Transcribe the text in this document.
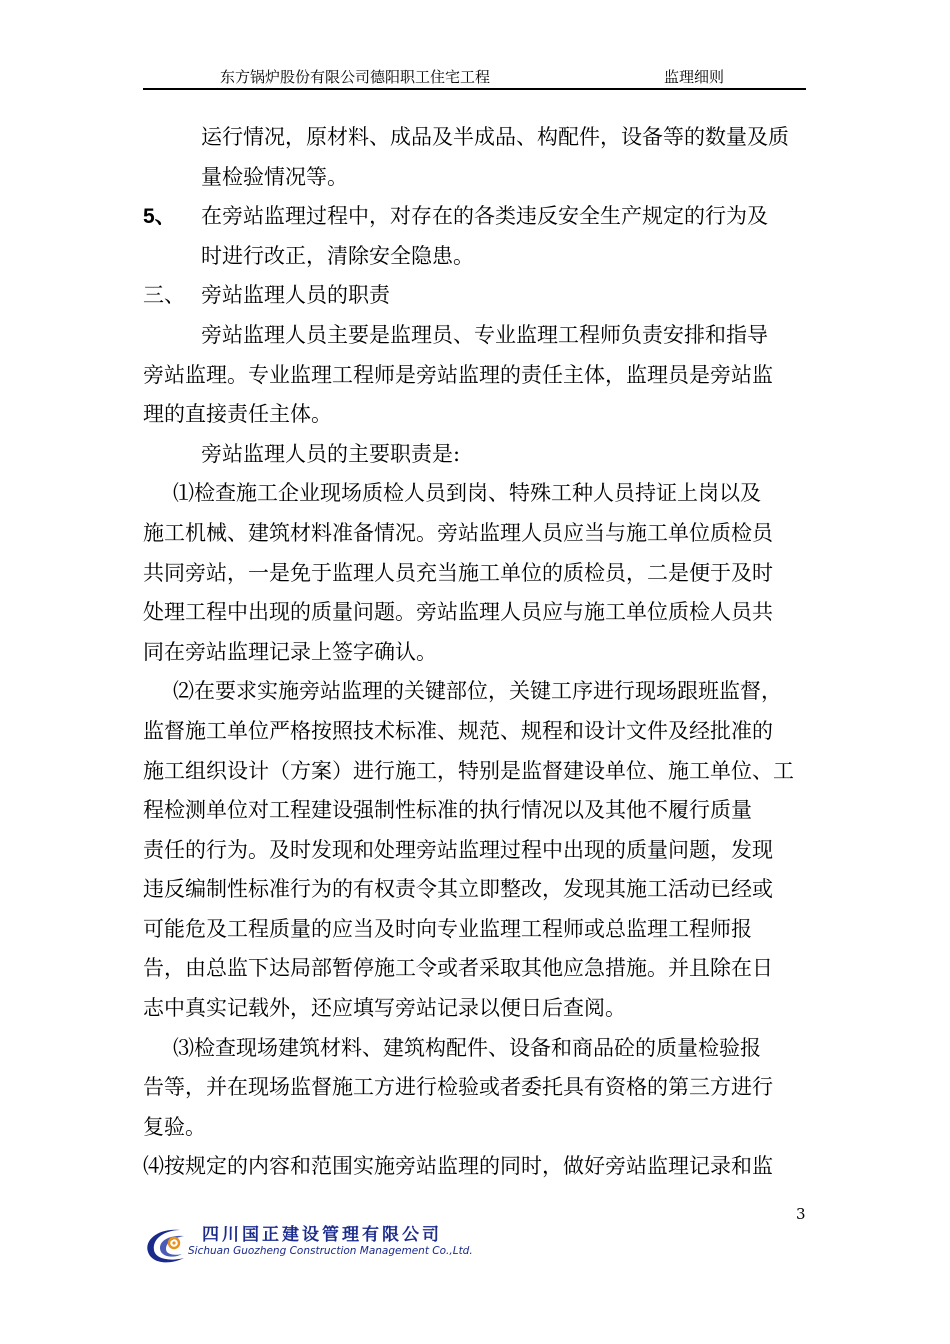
东方锅炉股份有限公司德阳职工住宅工程	监理细则
运行情况，原材料、成品及半成品、构配件，设备等的数量及质
量检验情况等。
5、 在旁站监理过程中，对存在的各类违反安全生产规定的行为及
时进行改正，清除安全隐患。
三、 旁站监理人员的职责
旁站监理人员主要是监理员、专业监理工程师负责安排和指导
旁站监理。专业监理工程师是旁站监理的责任主体，监理员是旁站监
理的直接责任主体。
旁站监理人员的主要职责是:
⑴检查施工企业现场质检人员到岗、特殊工种人员持证上岗以及
施工机械、建筑材料准备情况。旁站监理人员应当与施工单位质检员
共同旁站，一是免于监理人员充当施工单位的质检员，二是便于及时
处理工程中出现的质量问题。旁站监理人员应与施工单位质检人员共
同在旁站监理记录上签字确认。
⑵在要求实施旁站监理的关键部位，关键工序进行现场跟班监督，
监督施工单位严格按照技术标准、规范、规程和设计文件及经批准的
施工组织设计（方案）进行施工，特别是监督建设单位、施工单位、工
程检测单位对工程建设强制性标准的执行情况以及其他不履行质量
责任的行为。及时发现和处理旁站监理过程中出现的质量问题，发现
违反编制性标准行为的有权责令其立即整改，发现其施工活动已经或
可能危及工程质量的应当及时向专业监理工程师或总监理工程师报
告，由总监下达局部暂停施工令或者采取其他应急措施。并且除在日
志中真实记载外，还应填写旁站记录以便日后查阅。
⑶检查现场建筑材料、建筑构配件、设备和商品砼的质量检验报
告等，并在现场监督施工方进行检验或者委托具有资格的第三方进行
复验。
⑷按规定的内容和范围实施旁站监理的同时，做好旁站监理记录和监
3
四川国正建设管理有限公司
Sichuan Guozheng Construction Management Co.,Ltd.
